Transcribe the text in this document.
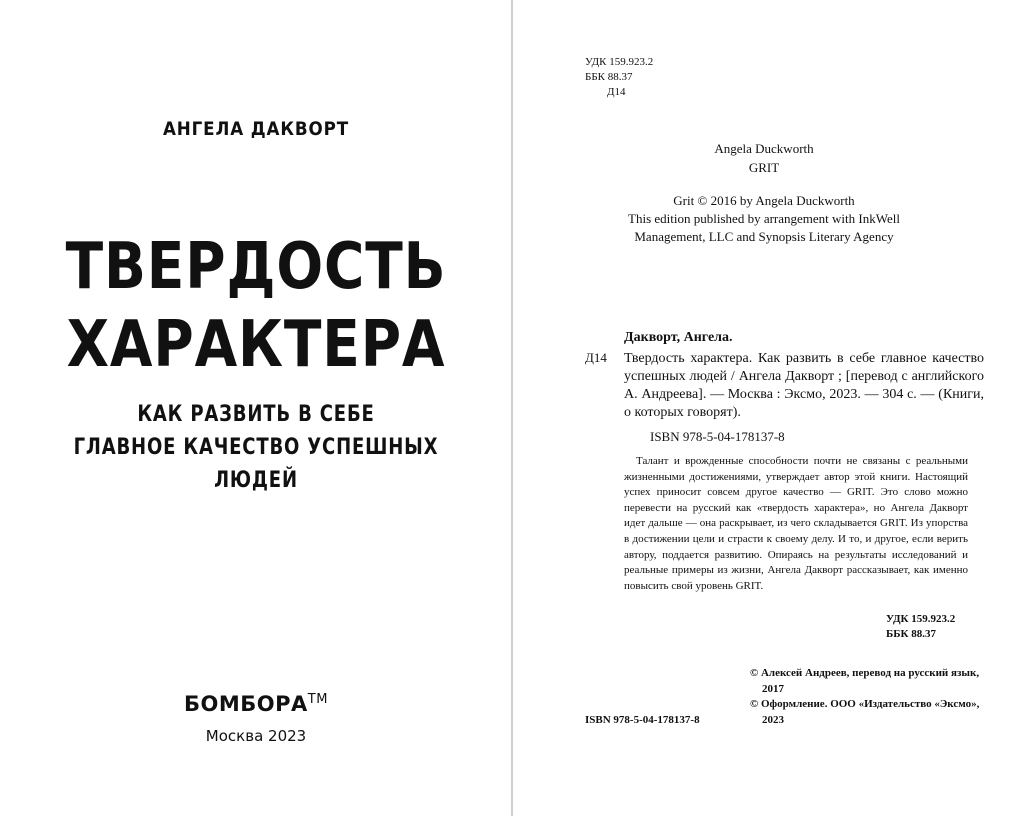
АНГЕЛА ДАКВОРТ
ТВЕРДОСТЬ
ХАРАКТЕРА
КАК РАЗВИТЬ В СЕБЕ
ГЛАВНОЕ КАЧЕСТВО УСПЕШНЫХ
ЛЮДЕЙ
БОМБОРА™
Москва 2023
УДК 159.923.2
ББК 88.37
Д14
Angela Duckworth
GRIT
Grit © 2016 by Angela Duckworth
This edition published by arrangement with InkWell
Management, LLC and Synopsis Literary Agency
Дакворт, Ангела.
Д14 Твердость характера. Как развить в себе главное качество успешных людей / Ангела Дакворт ; [перевод с английского А. Андреева]. — Москва : Эксмо, 2023. — 304 с. — (Книги, о которых говорят).
ISBN 978-5-04-178137-8
Талант и врожденные способности почти не связаны с реальными жизненными достижениями, утверждает автор этой книги. Настоящий успех приносит совсем другое качество — GRIT. Это слово можно перевести на русский как «твердость характера», но Ангела Дакворт идет дальше — она раскрывает, из чего складывается GRIT. Из упорства в достижении цели и страсти к своему делу. И то, и другое, если верить автору, поддается развитию. Опираясь на результаты исследований и реальные примеры из жизни, Ангела Дакворт рассказывает, как именно повысить свой уровень GRIT.
УДК 159.923.2
ББК 88.37
© Алексей Андреев, перевод на русский язык, 2017
© Оформление. ООО «Издательство «Эксмо», 2023
ISBN 978-5-04-178137-8
